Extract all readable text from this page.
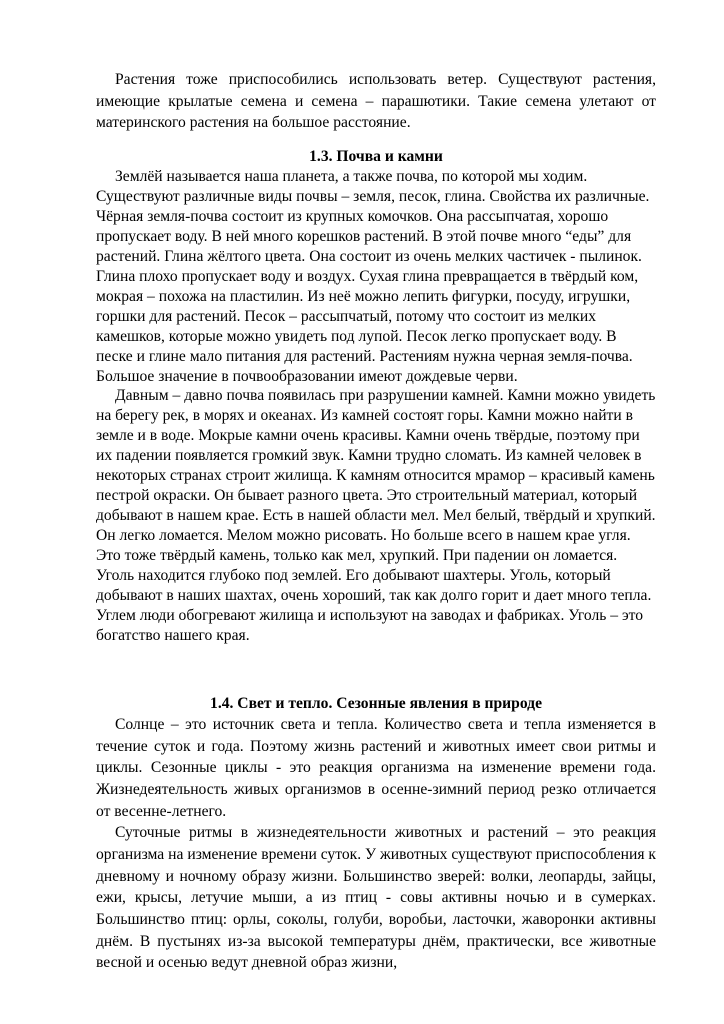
Растения тоже приспособились использовать ветер. Существуют растения, имеющие крылатые семена и семена – парашютики. Такие семена улетают от материнского растения на большое расстояние.

1.3. Почва и камни

Землёй называется наша планета, а также почва, по которой мы ходим. Существуют различные виды почвы – земля, песок, глина. Свойства их различные. Чёрная земля-почва состоит из крупных комочков. Она рассыпчатая, хорошо пропускает воду. В ней много корешков растений. В этой почве много “еды” для растений. Глина жёлтого цвета. Она состоит из очень мелких частичек - пылинок. Глина плохо пропускает воду и воздух. Сухая глина превращается в твёрдый ком, мокрая – похожа на пластилин. Из неё можно лепить фигурки, посуду, игрушки, горшки для растений. Песок – рассыпчатый, потому что состоит из мелких камешков, которые можно увидеть под лупой. Песок легко пропускает воду. В песке и глине мало питания для растений. Растениям нужна черная земля-почва. Большое значение в почвообразовании имеют дождевые черви.

Давным – давно почва появилась при разрушении камней. Камни можно увидеть на берегу рек, в морях и океанах. Из камней состоят горы. Камни можно найти в земле и в воде. Мокрые камни очень красивы. Камни очень твёрдые, поэтому при их падении появляется громкий звук. Камни трудно сломать. Из камней человек в некоторых странах строит жилища. К камням относится мрамор – красивый камень пестрой окраски. Он бывает разного цвета. Это строительный материал, который добывают в нашем крае. Есть в нашей области мел. Мел белый, твёрдый и хрупкий. Он легко ломается. Мелом можно рисовать. Но больше всего в нашем крае угля. Это тоже твёрдый камень, только как мел, хрупкий. При падении он ломается. Уголь находится глубоко под землей. Его добывают шахтеры. Уголь, который добывают в наших шахтах, очень хороший, так как долго горит и дает много тепла. Углем люди обогревают жилища и используют на заводах и фабриках. Уголь – это богатство нашего края.

1.4. Свет и тепло. Сезонные явления в природе

Солнце – это источник света и тепла. Количество света и тепла изменяется в течение суток и года. Поэтому жизнь растений и животных имеет свои ритмы и циклы. Сезонные циклы - это реакция организма на изменение времени года. Жизнедеятельность живых организмов в осенне-зимний период резко отличается от весенне-летнего.

Суточные ритмы в жизнедеятельности животных и растений – это реакция организма на изменение времени суток. У животных существуют приспособления к дневному и ночному образу жизни. Большинство зверей: волки, леопарды, зайцы, ежи, крысы, летучие мыши, а из птиц - совы активны ночью и в сумерках. Большинство птиц: орлы, соколы, голуби, воробьи, ласточки, жаворонки активны днём. В пустынях из-за высокой температуры днём, практически, все животные весной и осенью ведут дневной образ жизни,
